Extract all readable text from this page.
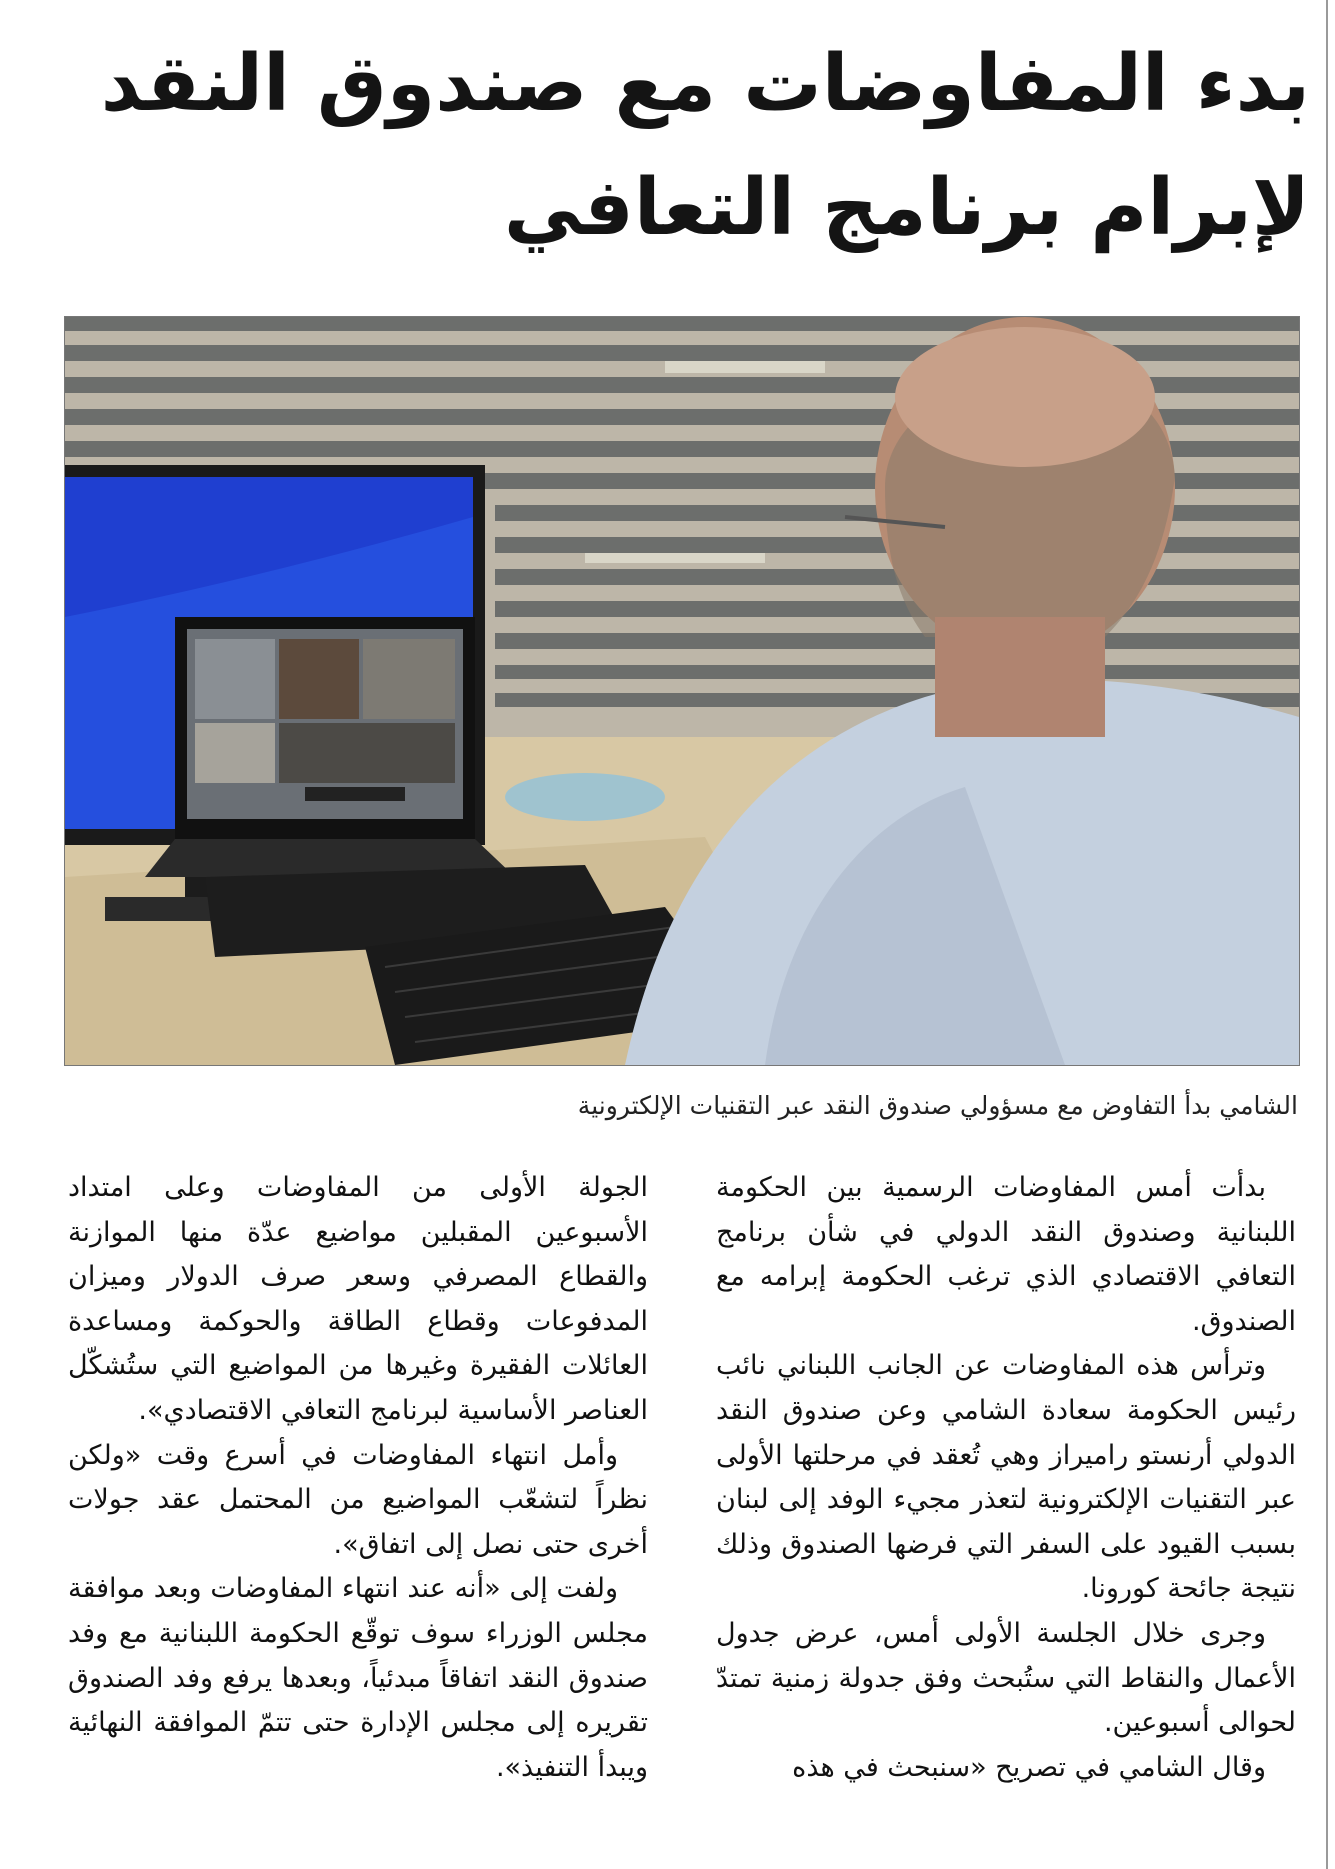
بدء المفاوضات مع صندوق النقد
لإبرام برنامج التعافي
الشامي بدأ التفاوض مع مسؤولي صندوق النقد عبر التقنيات الإلكترونية

بدأت أمس المفاوضات الرسمية بين الحكومة اللبنانية وصندوق النقد الدولي في شأن برنامج التعافي الاقتصادي الذي ترغب الحكومة إبرامه مع الصندوق.

وترأس هذه المفاوضات عن الجانب اللبناني نائب رئيس الحكومة سعادة الشامي وعن صندوق النقد الدولي أرنستو راميراز وهي تُعقد في مرحلتها الأولى عبر التقنيات الإلكترونية لتعذر مجيء الوفد إلى لبنان بسبب القيود على السفر التي فرضها الصندوق وذلك نتيجة جائحة كورونا.

وجرى خلال الجلسة الأولى أمس، عرض جدول الأعمال والنقاط التي ستُبحث وفق جدولة زمنية تمتدّ لحوالى أسبوعين.

وقال الشامي في تصريح «سنبحث في هذه

الجولة الأولى من المفاوضات وعلى امتداد الأسبوعين المقبلين مواضيع عدّة منها الموازنة والقطاع المصرفي وسعر صرف الدولار وميزان المدفوعات وقطاع الطاقة والحوكمة ومساعدة العائلات الفقيرة وغيرها من المواضيع التي ستُشكّل العناصر الأساسية لبرنامج التعافي الاقتصادي».

وأمل انتهاء المفاوضات في أسرع وقت «ولكن نظراً لتشعّب المواضيع من المحتمل عقد جولات أخرى حتى نصل إلى اتفاق».

ولفت إلى «أنه عند انتهاء المفاوضات وبعد موافقة مجلس الوزراء سوف توقّع الحكومة اللبنانية مع وفد صندوق النقد اتفاقاً مبدئياً، وبعدها يرفع وفد الصندوق تقريره إلى مجلس الإدارة حتى تتمّ الموافقة النهائية ويبدأ التنفيذ».
